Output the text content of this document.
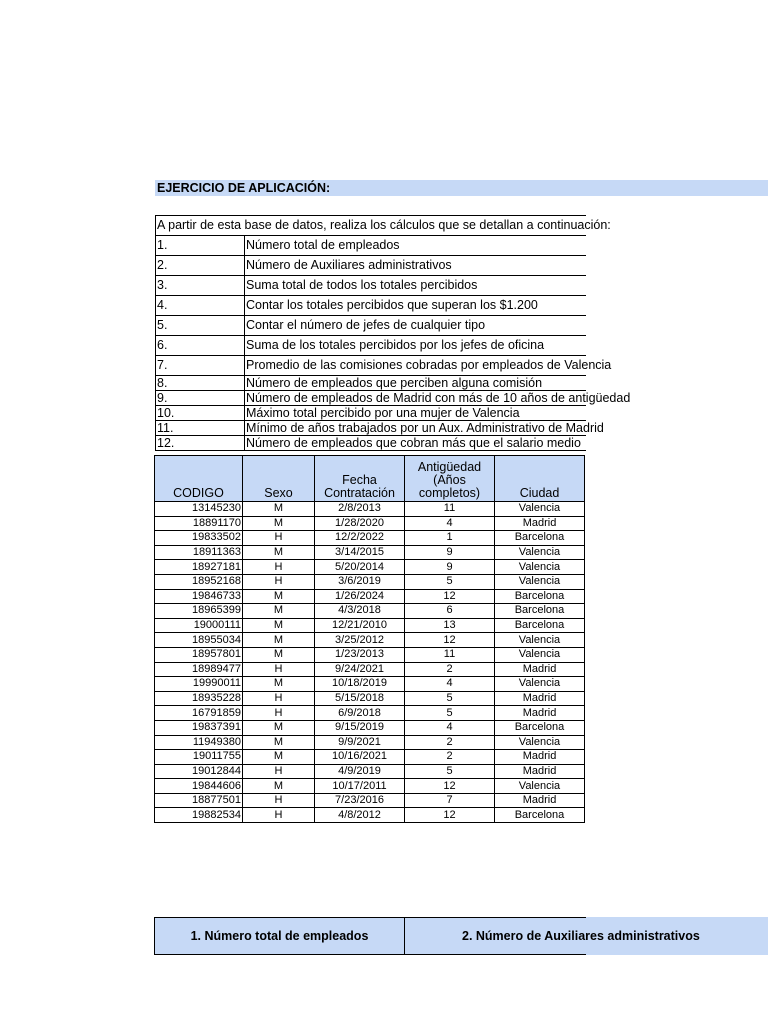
EJERCICIO DE APLICACIÓN:
A partir de esta base de datos, realiza los cálculos que se detallan a continuación:
1.	Número total de empleados
2.	Número de Auxiliares administrativos
3.	Suma total de todos los totales percibidos
4.	Contar los totales percibidos que superan los $1.200
5.	Contar el número de jefes de cualquier tipo
6.	Suma de los totales percibidos por los jefes de oficina
7.	Promedio de las comisiones cobradas por empleados de Valencia
8.	Número de empleados que perciben alguna comisión
9.	Número de empleados de Madrid con más de 10 años de antigüedad
10.	Máximo total percibido por una mujer de Valencia
11.	Mínimo de años trabajados por un Aux. Administrativo de Madrid
12.	Número de empleados que cobran más que el salario medio
CODIGO	Sexo	Fecha Contratación	Antigüedad (Años completos)	Ciudad
13145230	M	2/8/2013	11	Valencia
18891170	M	1/28/2020	4	Madrid
19833502	H	12/2/2022	1	Barcelona
18911363	M	3/14/2015	9	Valencia
18927181	H	5/20/2014	9	Valencia
18952168	H	3/6/2019	5	Valencia
19846733	M	1/26/2024	12	Barcelona
18965399	M	4/3/2018	6	Barcelona
19000111	M	12/21/2010	13	Barcelona
18955034	M	3/25/2012	12	Valencia
18957801	M	1/23/2013	11	Valencia
18989477	H	9/24/2021	2	Madrid
19990011	M	10/18/2019	4	Valencia
18935228	H	5/15/2018	5	Madrid
16791859	H	6/9/2018	5	Madrid
19837391	M	9/15/2019	4	Barcelona
11949380	M	9/9/2021	2	Valencia
19011755	M	10/16/2021	2	Madrid
19012844	H	4/9/2019	5	Madrid
19844606	M	10/17/2011	12	Valencia
18877501	H	7/23/2016	7	Madrid
19882534	H	4/8/2012	12	Barcelona
1. Número total de empleados	2. Número de Auxiliares administrativos
